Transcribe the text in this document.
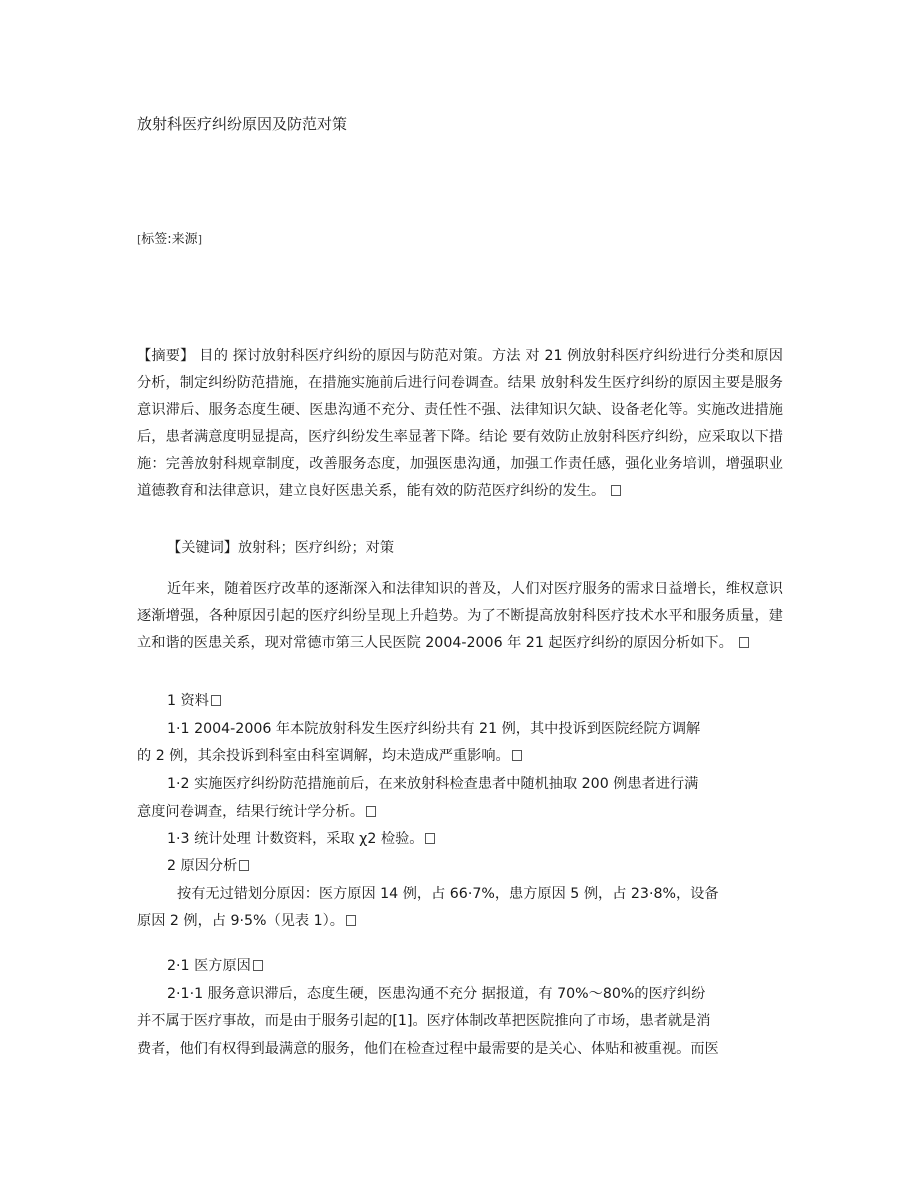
放射科医疗纠纷原因及防范对策
[标签:来源]
【摘要】 目的 探讨放射科医疗纠纷的原因与防范对策。方法 对 21 例放射科医疗纠纷进行分类和原因分析，制定纠纷防范措施，在措施实施前后进行问卷调查。结果 放射科发生医疗纠纷的原因主要是服务意识滞后、服务态度生硬、医患沟通不充分、责任性不强、法律知识欠缺、设备老化等。实施改进措施后，患者满意度明显提高，医疗纠纷发生率显著下降。结论 要有效防止放射科医疗纠纷，应采取以下措施：完善放射科规章制度，改善服务态度，加强医患沟通，加强工作责任感，强化业务培训，增强职业道德教育和法律意识，建立良好医患关系，能有效的防范医疗纠纷的发生。
【关键词】放射科；医疗纠纷；对策
近年来，随着医疗改革的逐渐深入和法律知识的普及，人们对医疗服务的需求日益增长，维权意识逐渐增强，各种原因引起的医疗纠纷呈现上升趋势。为了不断提高放射科医疗技术水平和服务质量，建立和谐的医患关系，现对常德市第三人民医院 2004-2006 年 21 起医疗纠纷的原因分析如下。
1 资料
1·1 2004-2006 年本院放射科发生医疗纠纷共有 21 例，其中投诉到医院经院方调解
的 2 例，其余投诉到科室由科室调解，均未造成严重影响。
1·2 实施医疗纠纷防范措施前后，在来放射科检查患者中随机抽取 200 例患者进行满
意度问卷调查，结果行统计学分析。
1·3 统计处理 计数资料，采取 χ2 检验。
2 原因分析
按有无过错划分原因：医方原因 14 例，占 66·7%，患方原因 5 例，占 23·8%，设备
原因 2 例，占 9·5%（见表 1）。
2·1 医方原因
2·1·1 服务意识滞后，态度生硬，医患沟通不充分 据报道，有 70%～80%的医疗纠纷
并不属于医疗事故，而是由于服务引起的[1]。医疗体制改革把医院推向了市场，患者就是消
费者，他们有权得到最满意的服务，他们在检查过程中最需要的是关心、体贴和被重视。而医
